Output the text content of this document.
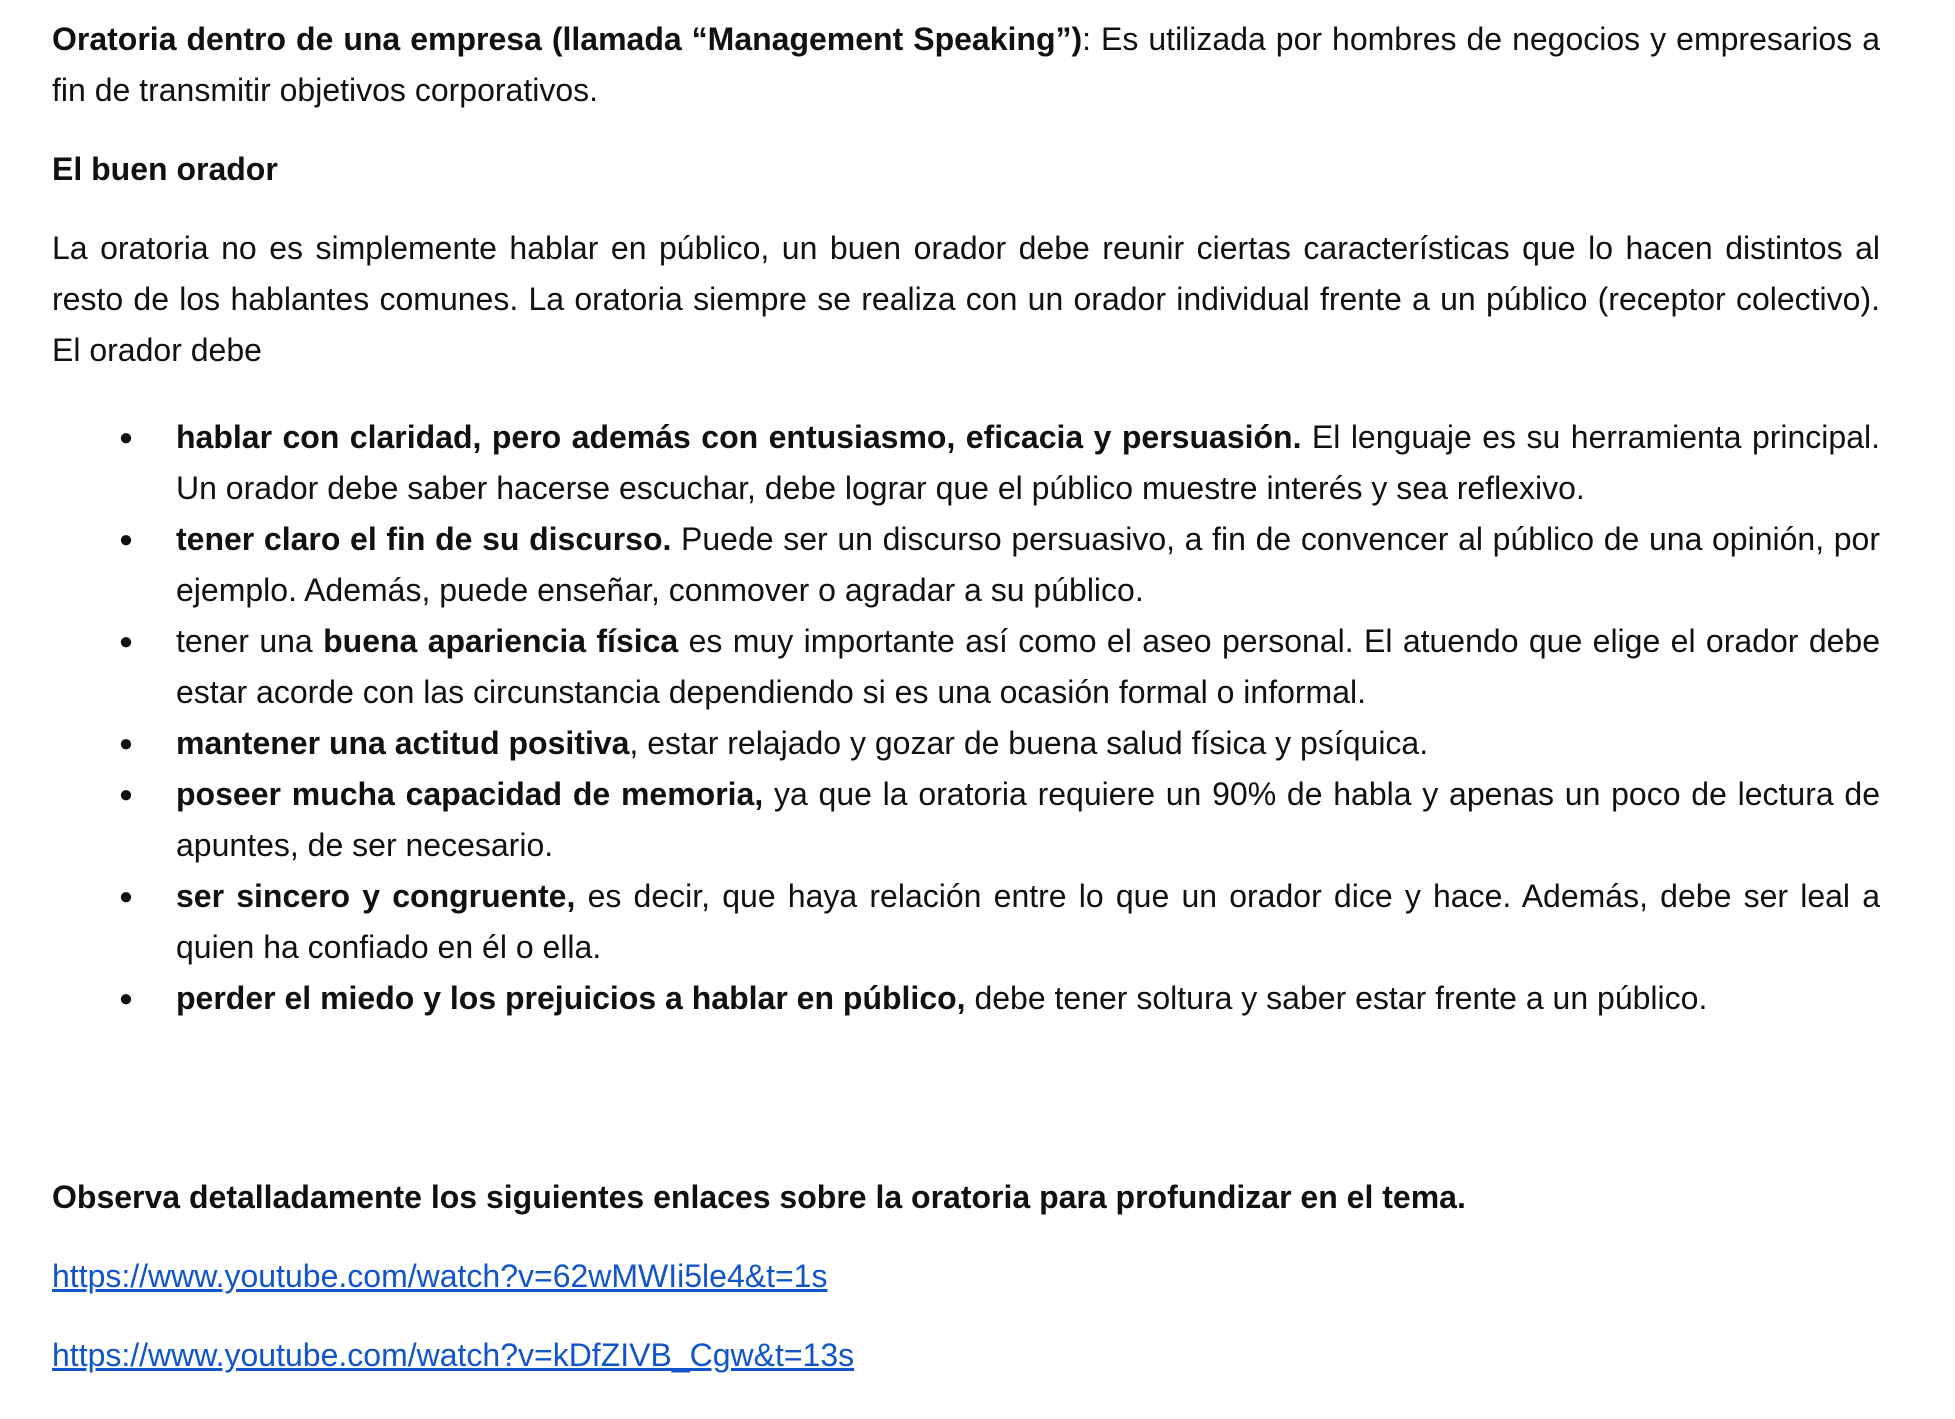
Oratoria dentro de una empresa (llamada “Management Speaking”): Es utilizada por hombres de negocios y empresarios a fin de transmitir objetivos corporativos.

El buen orador

La oratoria no es simplemente hablar en público, un buen orador debe reunir ciertas características que lo hacen distintos al resto de los hablantes comunes. La oratoria siempre se realiza con un orador individual frente a un público (receptor colectivo). El orador debe

● hablar con claridad, pero además con entusiasmo, eficacia y persuasión. El lenguaje es su herramienta principal. Un orador debe saber hacerse escuchar, debe lograr que el público muestre interés y sea reflexivo.
● tener claro el fin de su discurso. Puede ser un discurso persuasivo, a fin de convencer al público de una opinión, por ejemplo. Además, puede enseñar, conmover o agradar a su público.
● tener una buena apariencia física es muy importante así como el aseo personal. El atuendo que elige el orador debe estar acorde con las circunstancia dependiendo si es una ocasión formal o informal.
● mantener una actitud positiva, estar relajado y gozar de buena salud física y psíquica.
● poseer mucha capacidad de memoria, ya que la oratoria requiere un 90% de habla y apenas un poco de lectura de apuntes, de ser necesario.
● ser sincero y congruente, es decir, que haya relación entre lo que un orador dice y hace. Además, debe ser leal a quien ha confiado en él o ella.
● perder el miedo y los prejuicios a hablar en público, debe tener soltura y saber estar frente a un público.

Observa detalladamente los siguientes enlaces sobre la oratoria para profundizar en el tema.

https://www.youtube.com/watch?v=62wMWIi5le4&t=1s

https://www.youtube.com/watch?v=kDfZIVB_Cgw&t=13s
